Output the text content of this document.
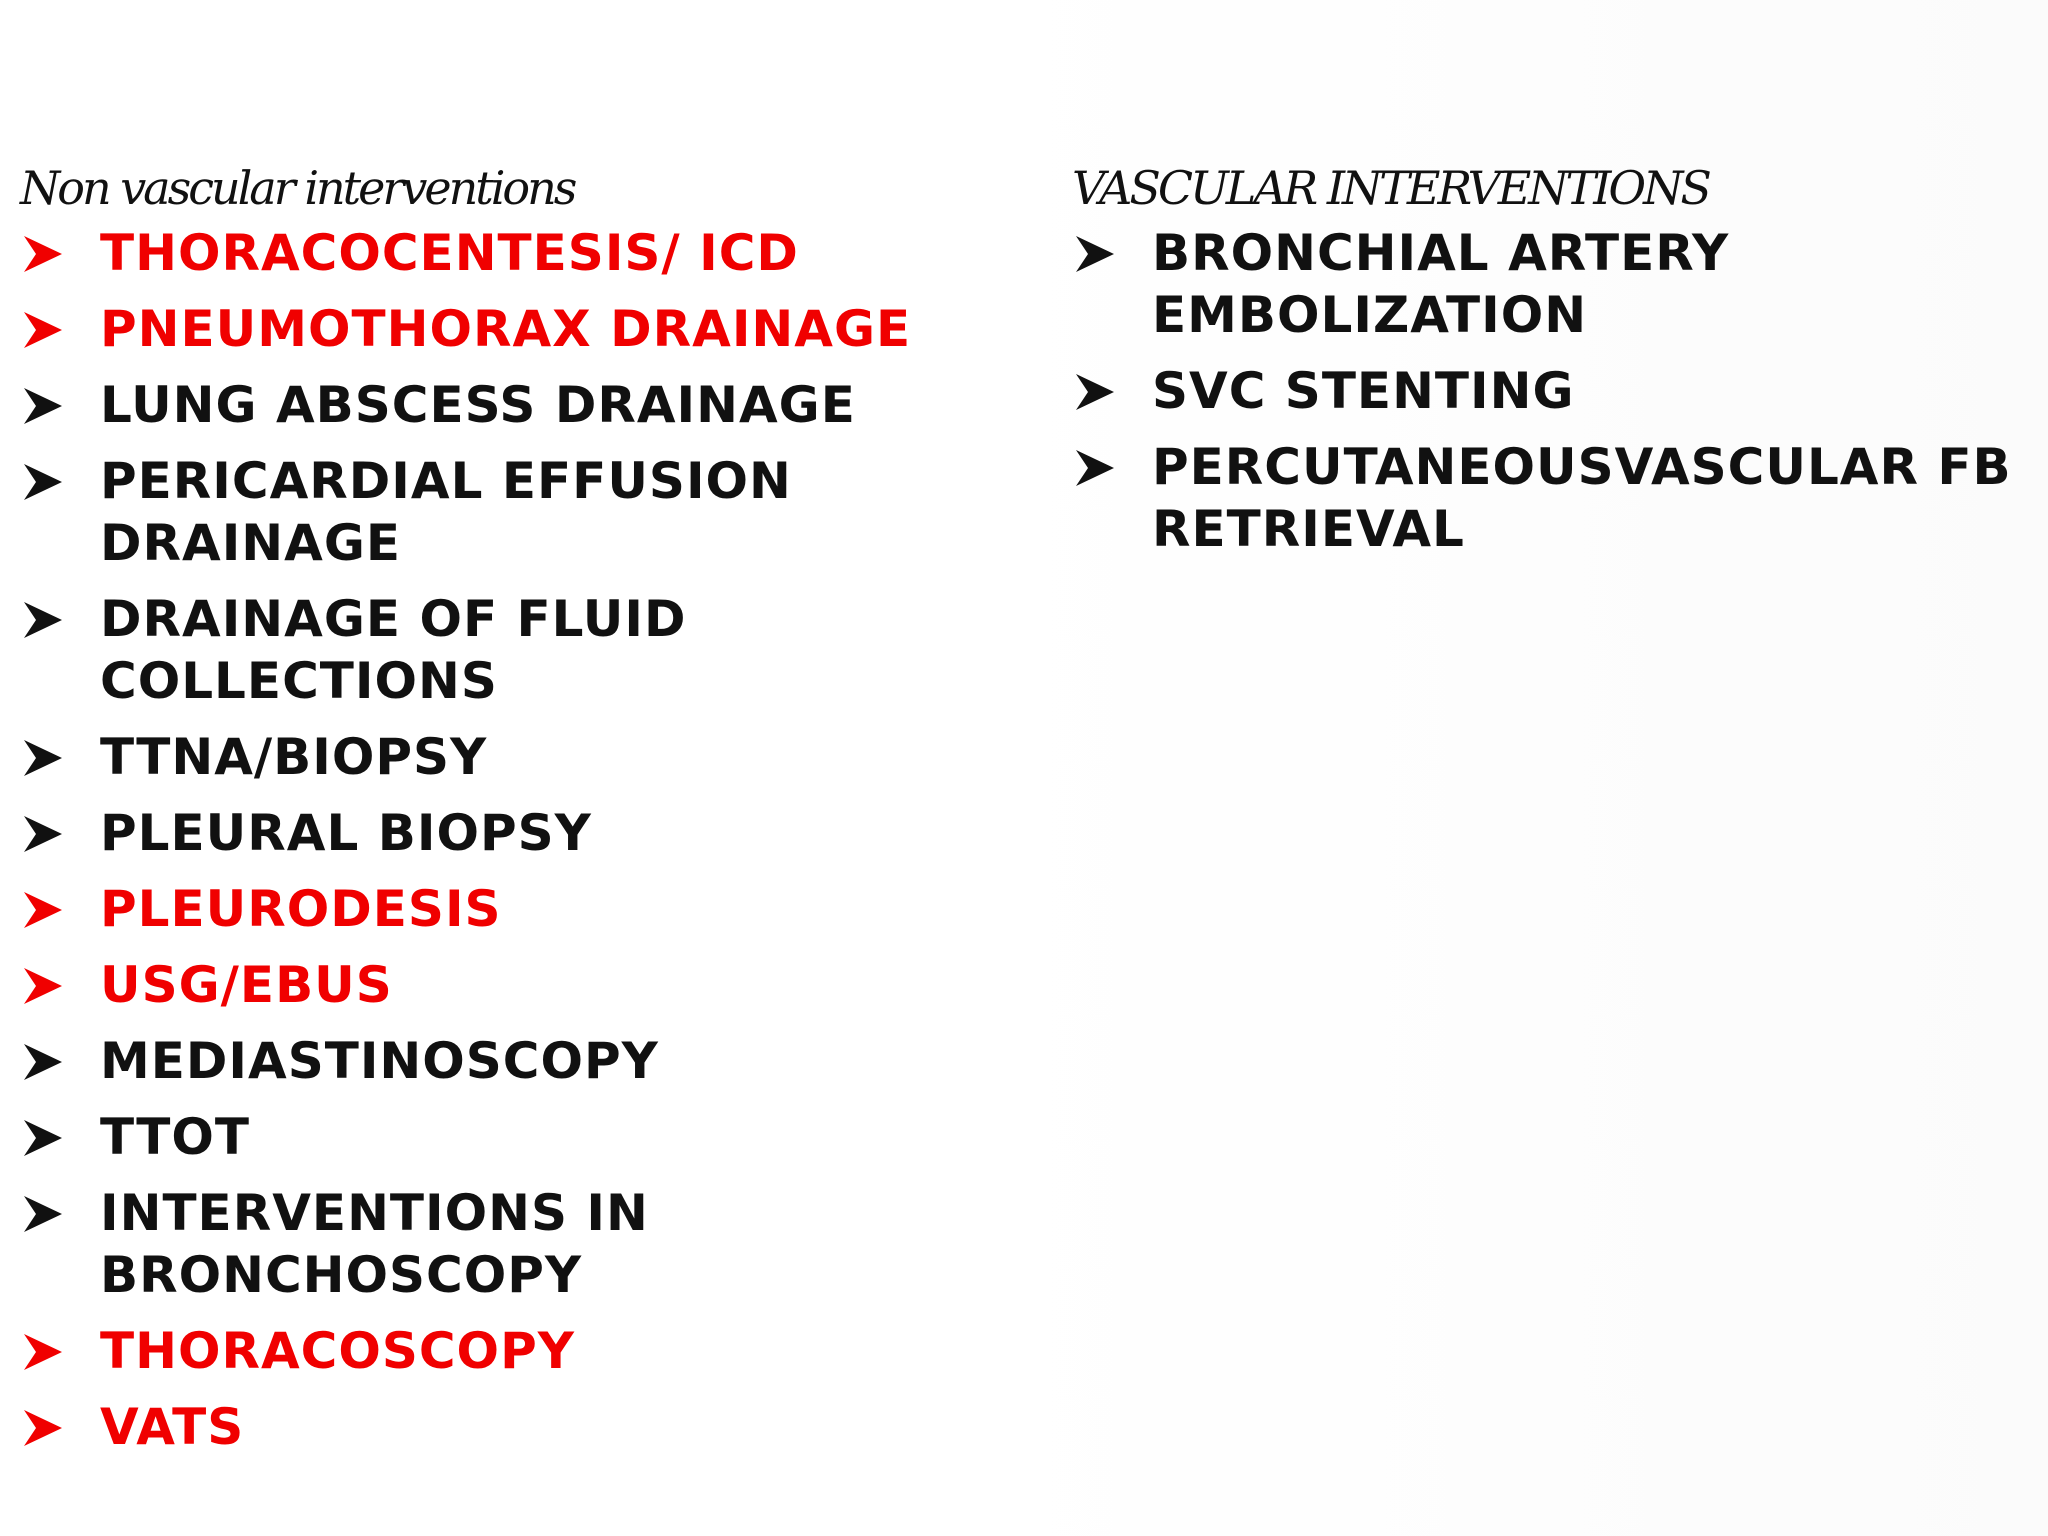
Non vascular interventions
THORACOCENTESIS/ ICD
PNEUMOTHORAX DRAINAGE
LUNG ABSCESS DRAINAGE
PERICARDIAL EFFUSION DRAINAGE
DRAINAGE OF FLUID COLLECTIONS
TTNA/BIOPSY
PLEURAL BIOPSY
PLEURODESIS
USG/EBUS
MEDIASTINOSCOPY
TTOT
INTERVENTIONS IN BRONCHOSCOPY
THORACOSCOPY
VATS
VASCULAR INTERVENTIONS
BRONCHIAL ARTERY EMBOLIZATION
SVC STENTING
PERCUTANEOUSVASCULAR FB RETRIEVAL
